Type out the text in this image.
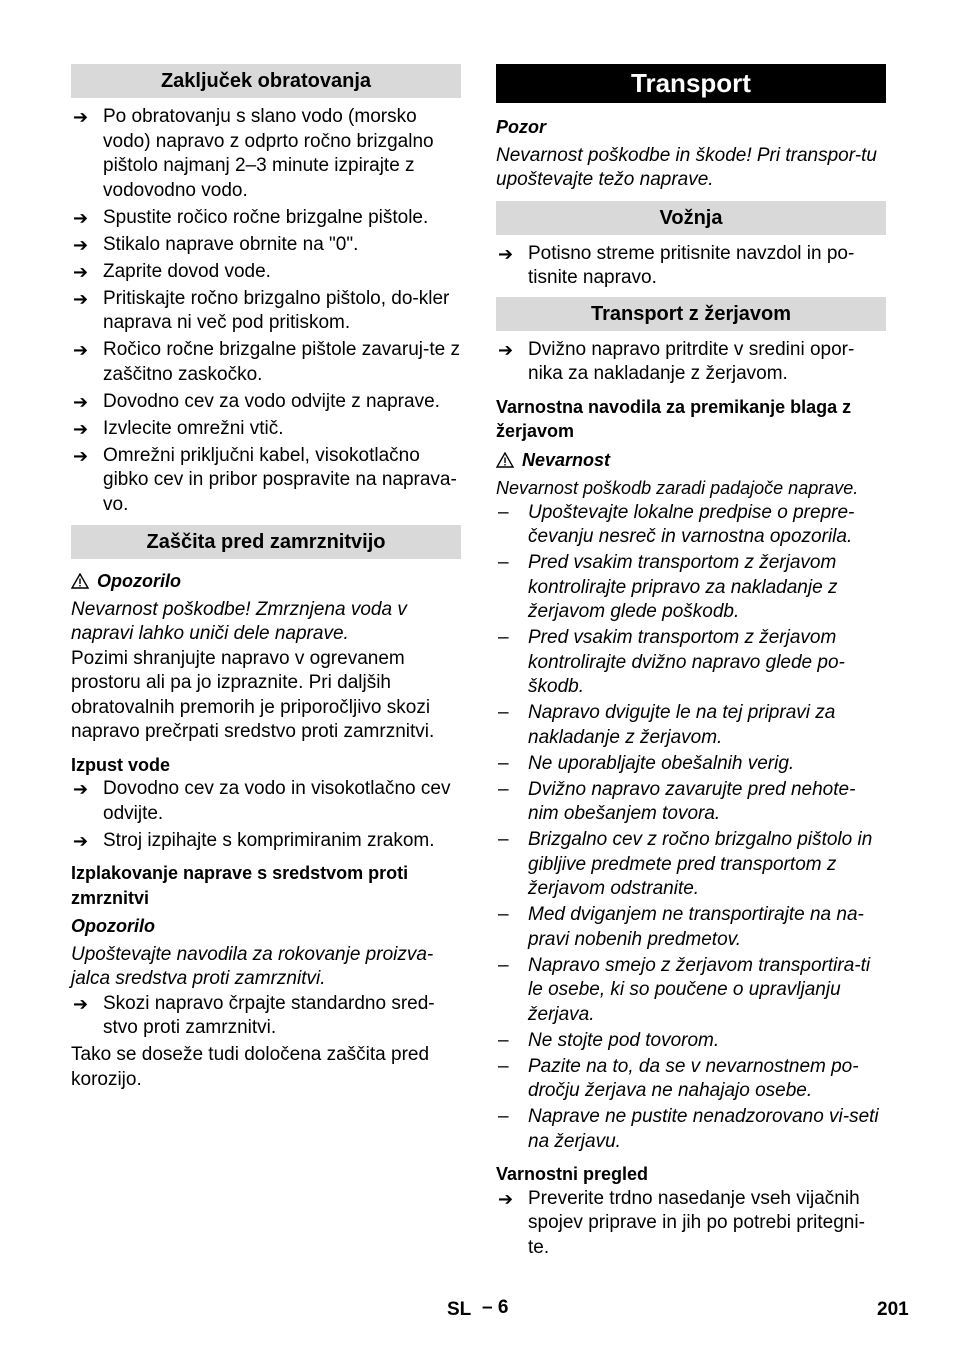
Zaključek obratovanja
➔ Po obratovanju s slano vodo (morsko vodo) napravo z odprto ročno brizgalno pištolo najmanj 2–3 minute izpirajte z vodovodno vodo.
➔ Spustite ročico ročne brizgalne pištole.
➔ Stikalo naprave obrnite na "0".
➔ Zaprite dovod vode.
➔ Pritiskajte ročno brizgalno pištolo, do-kler naprava ni več pod pritiskom.
➔ Ročico ročne brizgalne pištole zavaruj-te z zaščitno zaskočko.
➔ Dovodno cev za vodo odvijte z naprave.
➔ Izvlecite omrežni vtič.
➔ Omrežni priključni kabel, visokotlačno gibko cev in pribor pospravite na naprava-vo.
Zaščita pred zamrznitvijo

Opozorilo

Nevarnost poškodbe! Zmrznjena voda v napravi lahko uniči dele naprave.

Pozimi shranjujte napravo v ogrevanem prostoru ali pa jo izpraznite. Pri daljših obratovalnih premorih je priporočljivo skozi napravo prečrpati sredstvo proti zamrznitvi.

Izpust vode

➔ Dovodno cev za vodo in visokotlačno cev odvijte.
➔ Stroj izpihajte s komprimiranim zrakom.

Izplakovanje naprave s sredstvom proti zmrznitvi

Opozorilo

Upoštevajte navodila za rokovanje proizva-jalca sredstva proti zamrznitvi.

➔ Skozi napravo črpajte standardno sred-stvo proti zamrznitvi.

Tako se doseže tudi določena zaščita pred korozijo.

Transport

Pozor

Nevarnost poškodbe in škode! Pri transpor-tu upoštevajte težo naprave.

Vožnja
➔ Potisno streme pritisnite navzdol in po-tisnite napravo.
Transport z žerjavom
➔ Dvižno napravo pritrdite v sredini opor-nika za nakladanje z žerjavom.

Varnostna navodila za premikanje blaga z žerjavom

Nevarnost

Nevarnost poškodb zaradi padajoče naprave.

– Upoštevajte lokalne predpise o prepre-čevanju nesreč in varnostna opozorila.
– Pred vsakim transportom z žerjavom kontrolirajte pripravo za nakladanje z žerjavom glede poškodb.
– Pred vsakim transportom z žerjavom kontrolirajte dvižno napravo glede po-škodb.
– Napravo dvigujte le na tej pripravi za nakladanje z žerjavom.
– Ne uporabljajte obešalnih verig.
– Dvižno napravo zavarujte pred nehote-nim obešanjem tovora.
– Brizgalno cev z ročno brizgalno pištolo in gibljive predmete pred transportom z žerjavom odstranite.
– Med dviganjem ne transportirajte na na-pravi nobenih predmetov.
– Napravo smejo z žerjavom transportira-ti le osebe, ki so poučene o upravljanju žerjava.
– Ne stojte pod tovorom.
– Pazite na to, da se v nevarnostnem po-dročju žerjava ne nahajajo osebe.
– Naprave ne pustite nenadzorovano vi-seti na žerjavu.

Varnostni pregled

➔ Preverite trdno nasedanje vseh vijačnih spojev priprave in jih po potrebi pritegni-te.
SL – 6	201
